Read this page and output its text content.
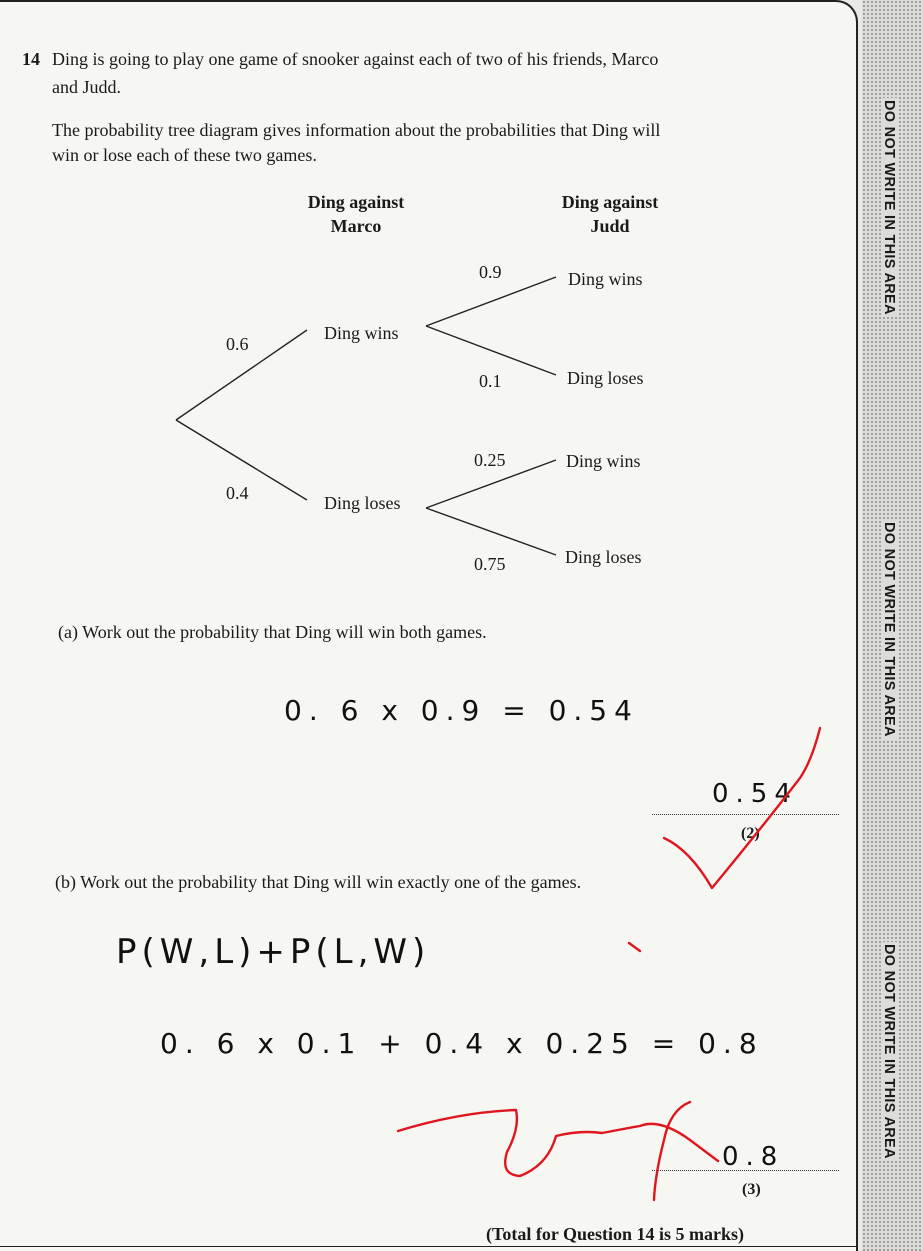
DO NOT WRITE IN THIS AREA
DO NOT WRITE IN THIS AREA
DO NOT WRITE IN THIS AREA
14 Ding is going to play one game of snooker against each of two of his friends, Marco
and Judd.
The probability tree diagram gives information about the probabilities that Ding will
win or lose each of these two games.
Ding against
Marco
Ding against
Judd
0.6
0.4
Ding wins
Ding loses
0.9
0.1
0.25
0.75
Ding wins
Ding loses
Ding wins
Ding loses
(a) Work out the probability that Ding will win both games.
0. 6 x 0.9 = 0.54
0.54
(2)
(b) Work out the probability that Ding will win exactly one of the games.
P(W,L)+P(L,W)
0. 6 x 0.1 + 0.4 x 0.25 = 0.8
0.8
(3)
(Total for Question 14 is 5 marks)
